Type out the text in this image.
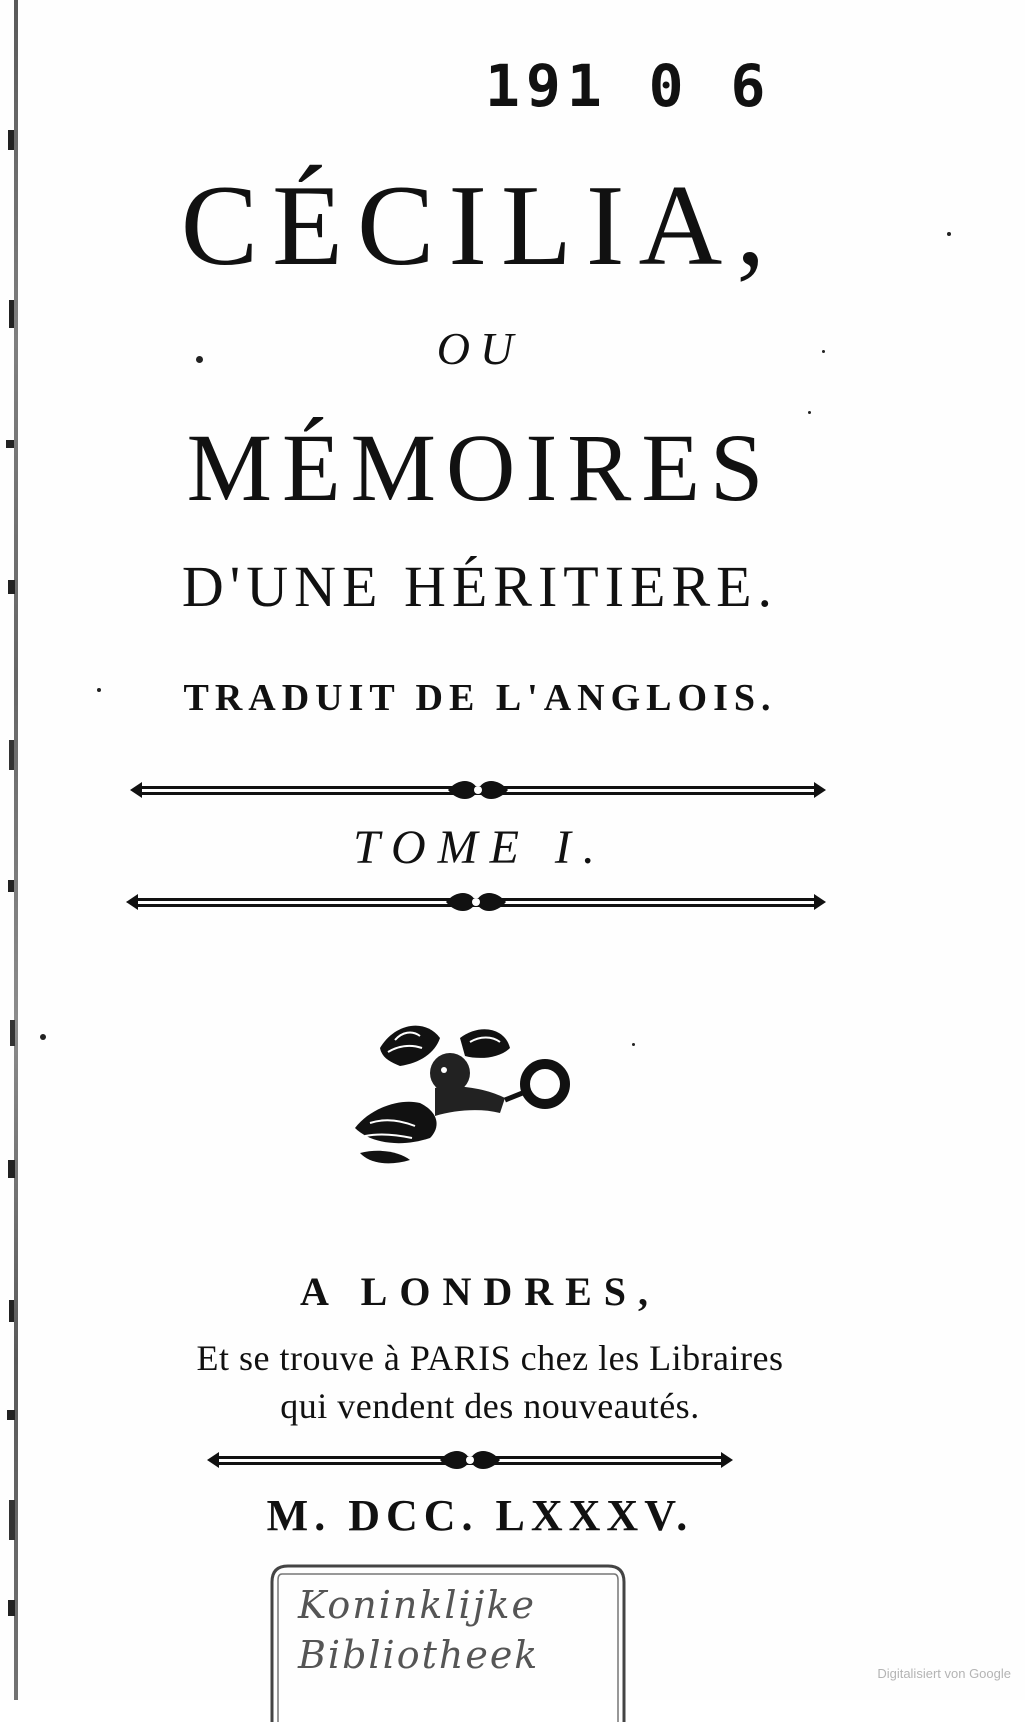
191 0 6
CÉCILIA,
OU
MÉMOIRES
D'UNE HÉRITIERE.
TRADUIT DE L'ANGLOIS.
TOME I.
A LONDRES,
Et se trouve à PARIS chez les Libraires
qui vendent des nouveautés.
M. DCC. LXXXV.
Koninklijke
Bibliotheek	Digitalisiert von Google
